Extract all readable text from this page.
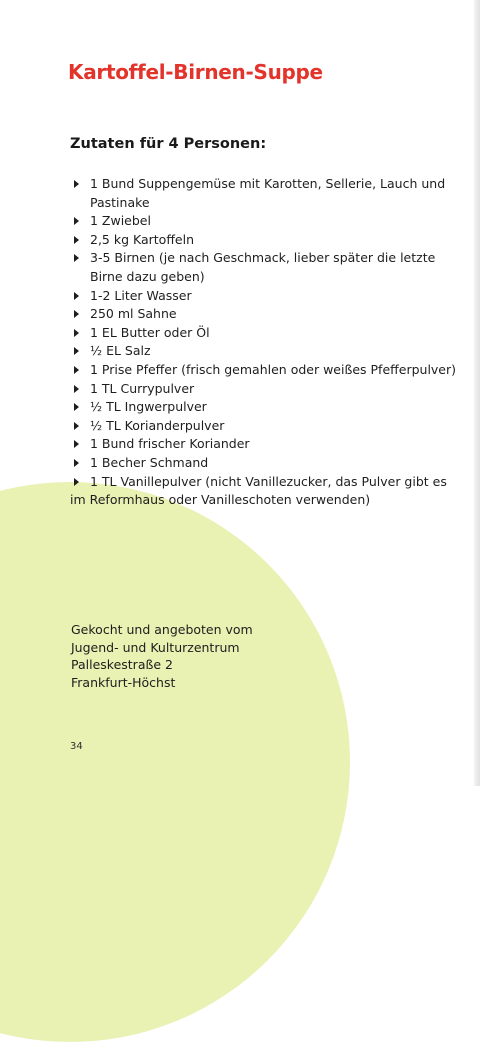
Kartoffel-Birnen-Suppe
Zutaten für 4 Personen:
1 Bund Suppengemüse mit Karotten, Sellerie, Lauch und Pastinake
1 Zwiebel
2,5 kg Kartoffeln
3-5 Birnen (je nach Geschmack, lieber später die letzte Birne dazu geben)
1-2 Liter Wasser
250 ml Sahne
1 EL Butter oder Öl
½ EL Salz
1 Prise Pfeffer (frisch gemahlen oder weißes Pfefferpulver)
1 TL Currypulver
½ TL Ingwerpulver
½ TL Korianderpulver
1 Bund frischer Koriander
1 Becher Schmand
1 TL Vanillepulver (nicht Vanillezucker, das Pulver gibt es im Reformhaus oder Vanilleschoten verwenden)
Gekocht und angeboten vom
Jugend- und Kulturzentrum
Palleskestraße 2
Frankfurt-Höchst
34
